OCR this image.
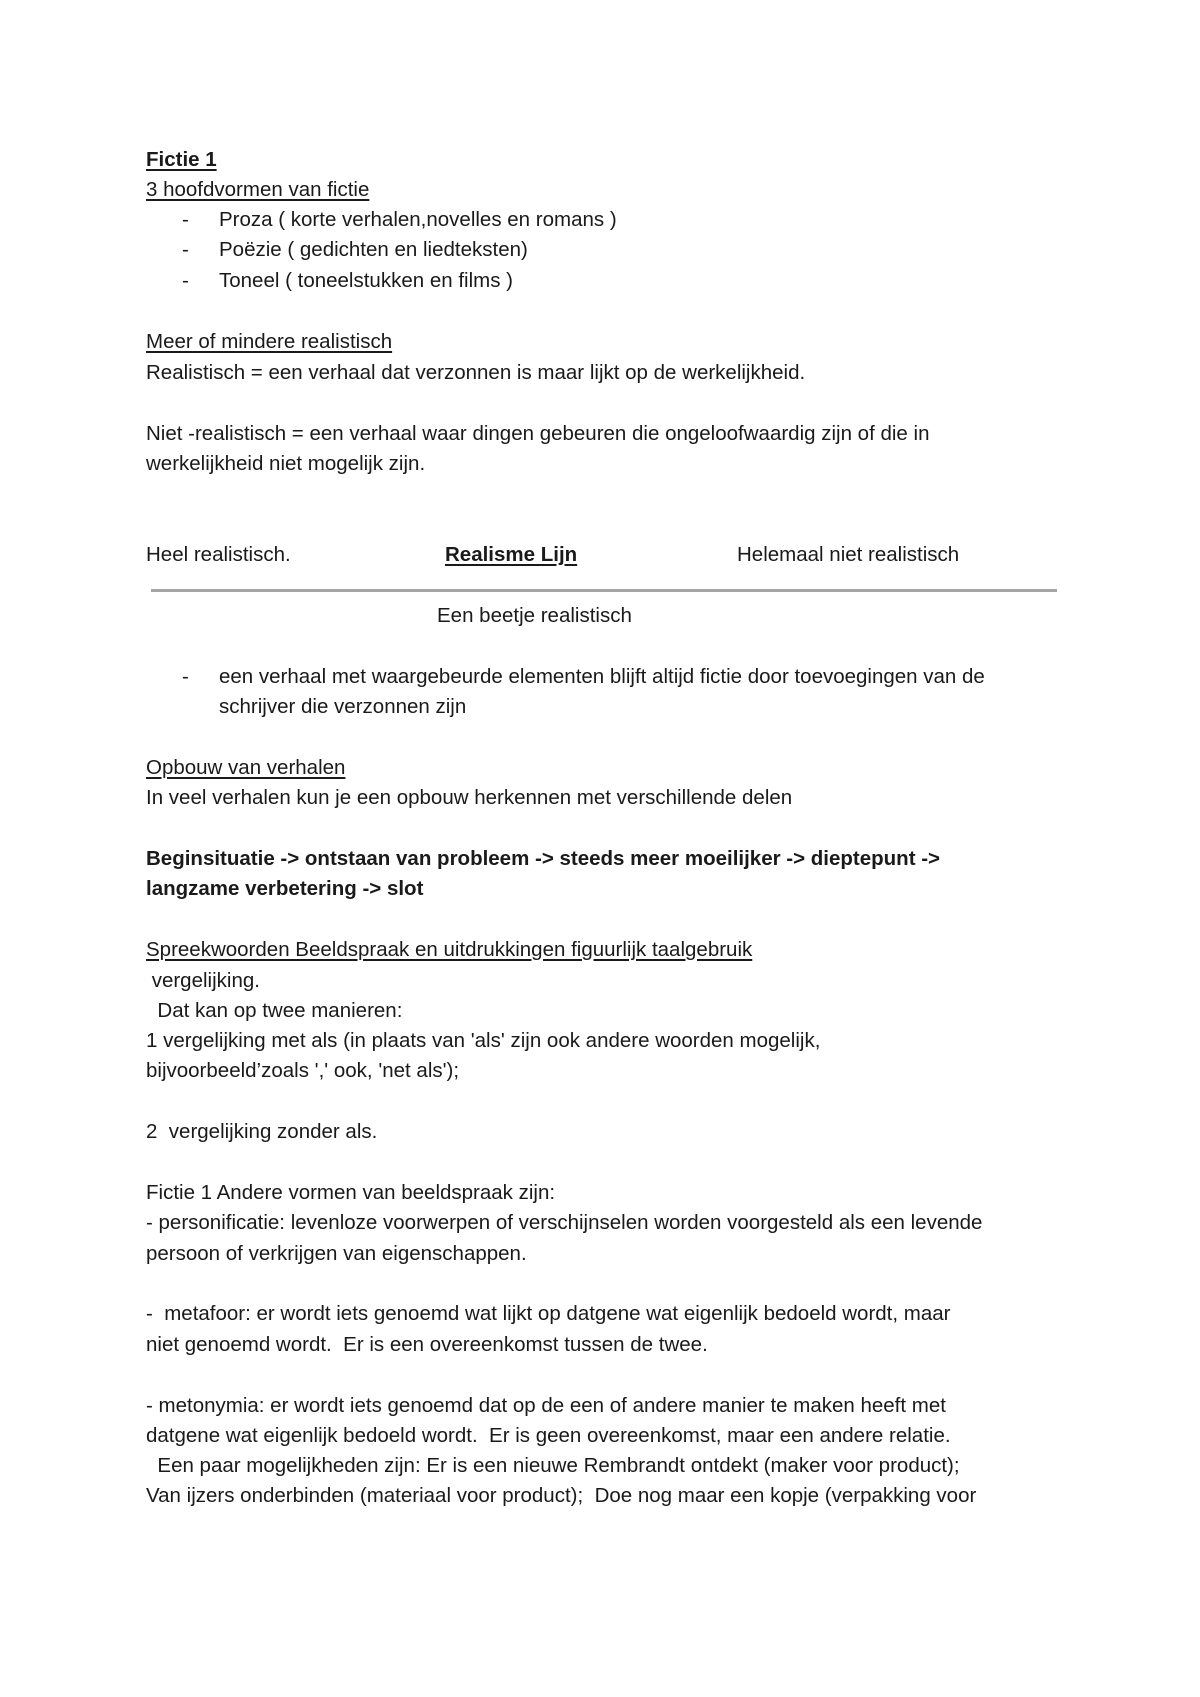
Fictie 1
3 hoofdvormen van fictie
- Proza ( korte verhalen,novelles en romans )
- Poëzie ( gedichten en liedteksten)
- Toneel ( toneelstukken en films )
Meer of mindere realistisch
Realistisch = een verhaal dat verzonnen is maar lijkt op de werkelijkheid.
Niet -realistisch = een verhaal waar dingen gebeuren die ongeloofwaardig zijn of die in
werkelijkheid niet mogelijk zijn.
Heel realistisch.	Realisme Lijn	Helemaal niet realistisch
Een beetje realistisch
- een verhaal met waargebeurde elementen blijft altijd fictie door toevoegingen van de
schrijver die verzonnen zijn
Opbouw van verhalen
In veel verhalen kun je een opbouw herkennen met verschillende delen
Beginsituatie -> ontstaan van probleem -> steeds meer moeilijker -> dieptepunt ->
langzame verbetering -> slot
Spreekwoorden Beeldspraak en uitdrukkingen figuurlijk taalgebruik
vergelijking.
Dat kan op twee manieren:
1 vergelijking met als (in plaats van 'als' zijn ook andere woorden mogelijk,
bijvoorbeeld’zoals ',' ook, 'net als');
2  vergelijking zonder als.
Fictie 1 Andere vormen van beeldspraak zijn:
- personificatie: levenloze voorwerpen of verschijnselen worden voorgesteld als een levende
persoon of verkrijgen van eigenschappen.
-  metafoor: er wordt iets genoemd wat lijkt op datgene wat eigenlijk bedoeld wordt, maar
niet genoemd wordt.  Er is een overeenkomst tussen de twee.
- metonymia: er wordt iets genoemd dat op de een of andere manier te maken heeft met
datgene wat eigenlijk bedoeld wordt.  Er is geen overeenkomst, maar een andere relatie.
Een paar mogelijkheden zijn: Er is een nieuwe Rembrandt ontdekt (maker voor product);
Van ijzers onderbinden (materiaal voor product);  Doe nog maar een kopje (verpakking voor
